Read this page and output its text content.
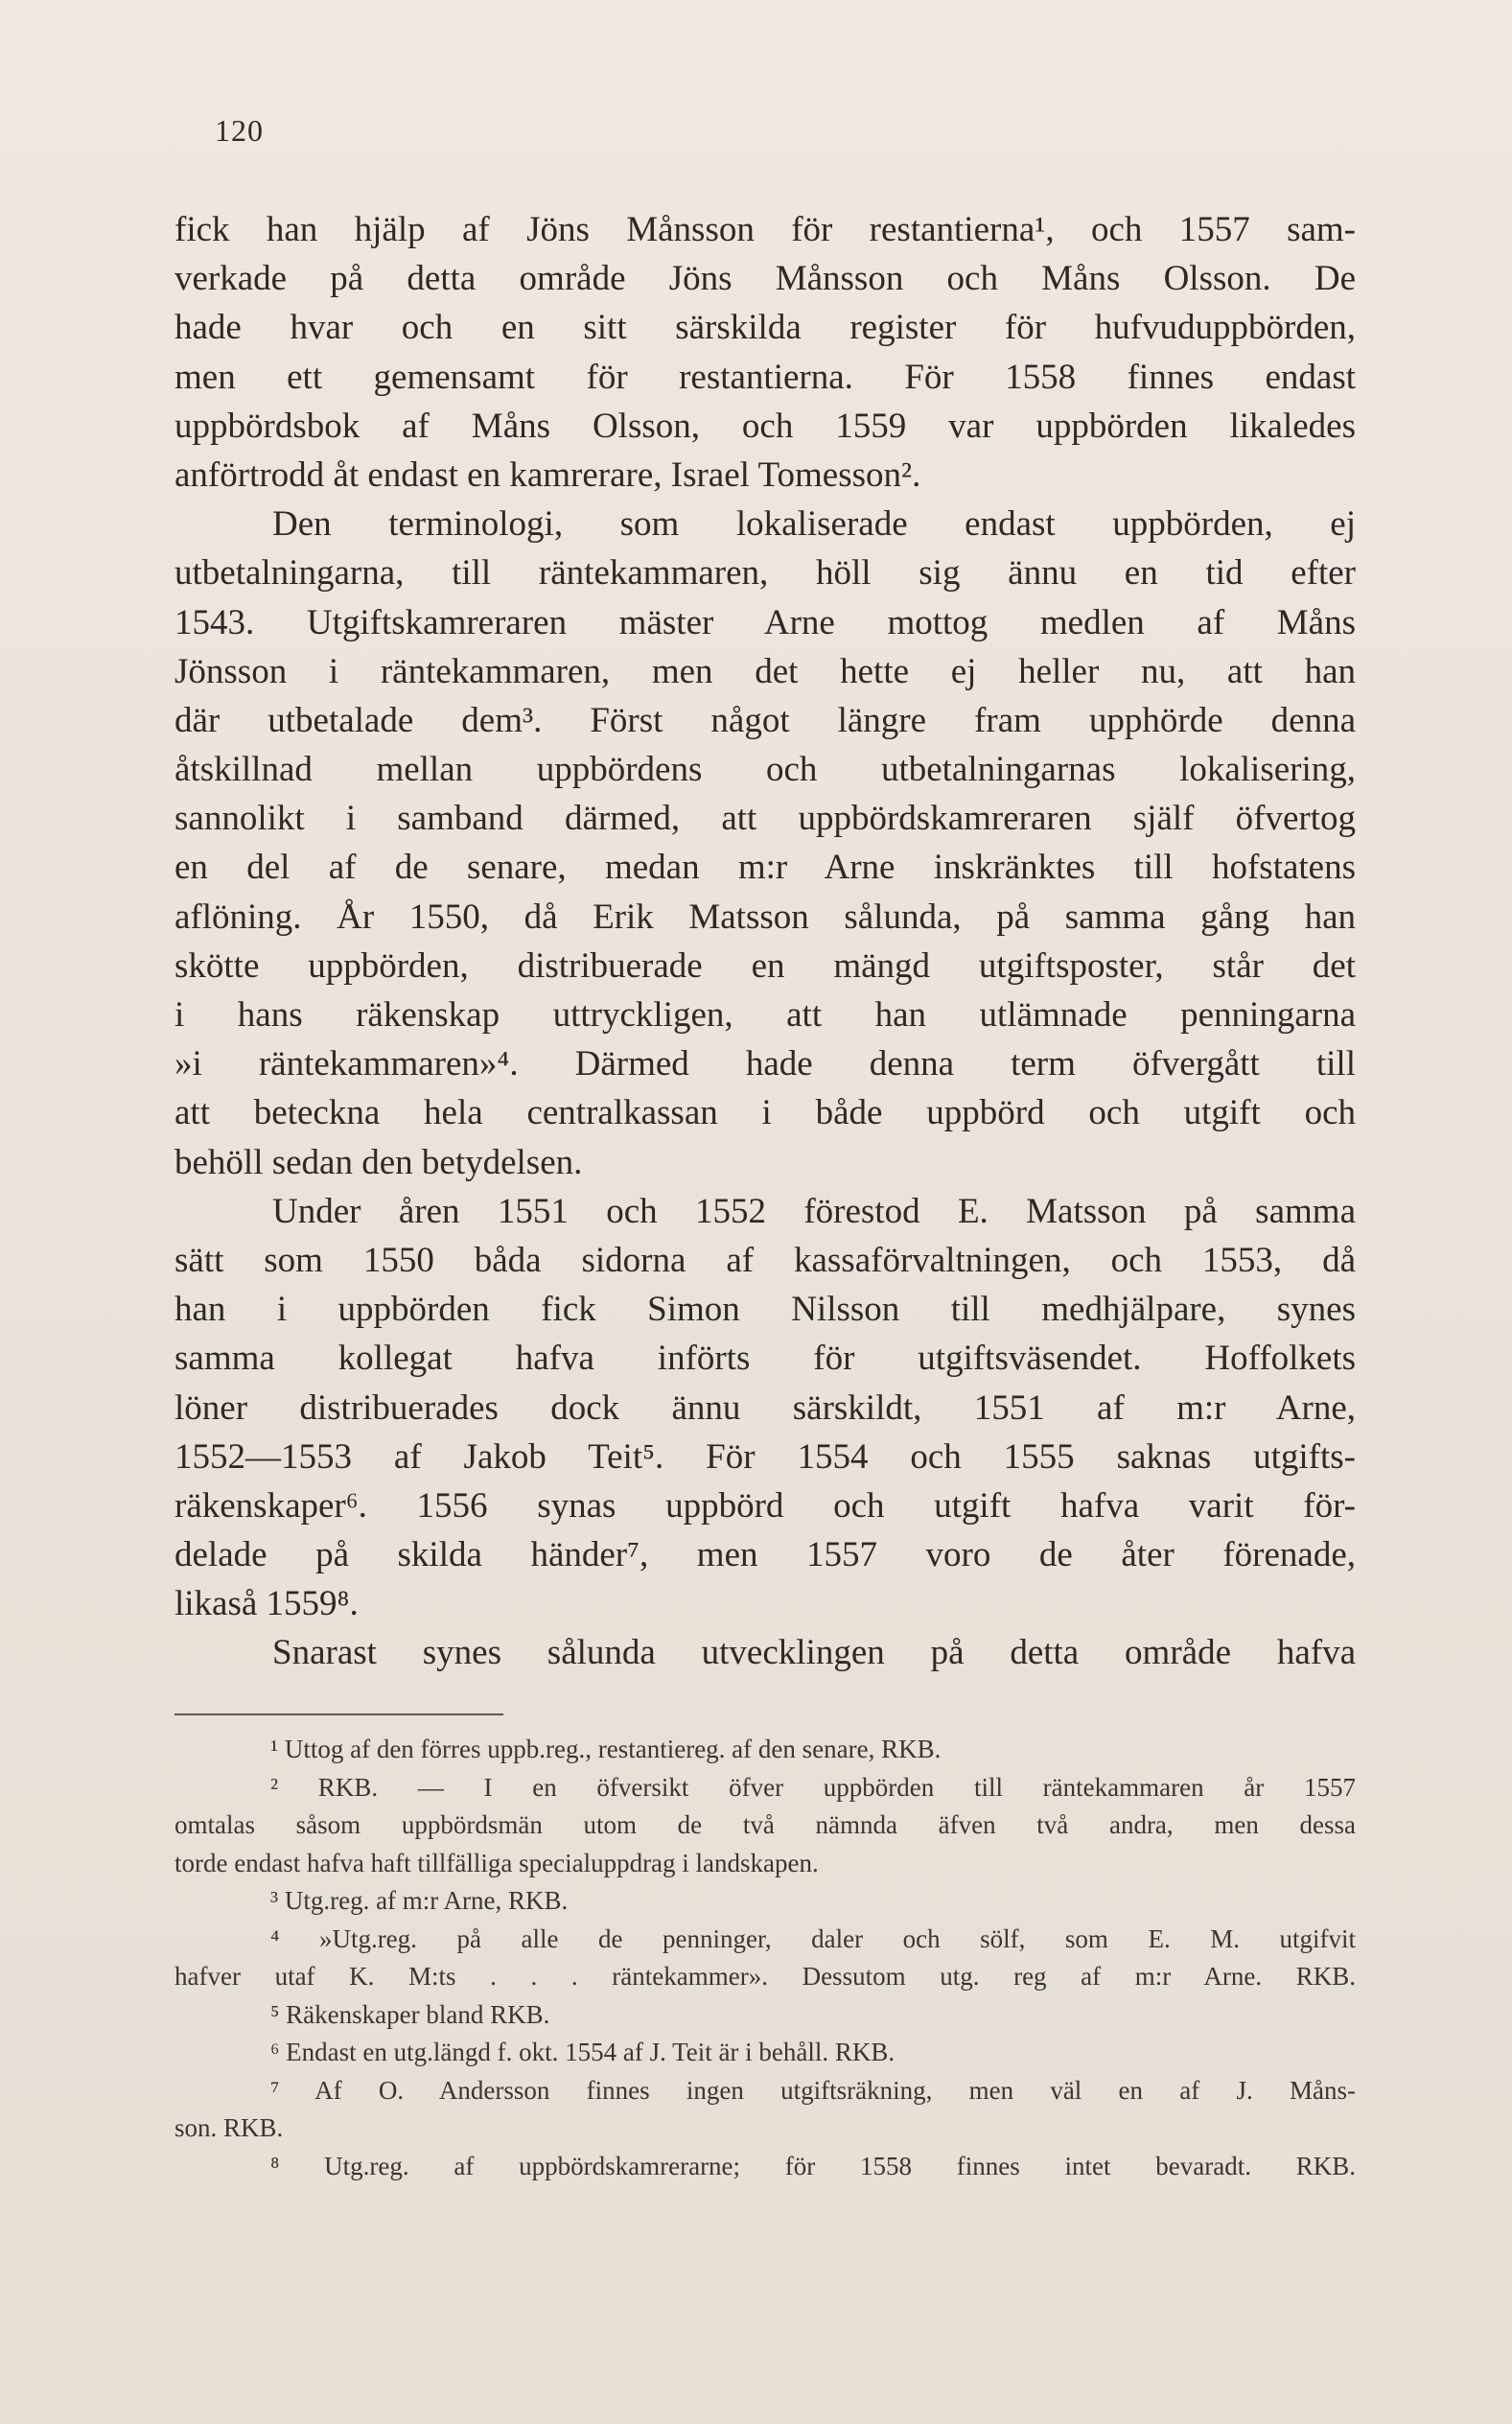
120
fick han hjälp af Jöns Månsson för restantierna¹, och 1557 sam-
verkade på detta område Jöns Månsson och Måns Olsson. De
hade hvar och en sitt särskilda register för hufvuduppbörden,
men ett gemensamt för restantierna. För 1558 finnes endast
uppbördsbok af Måns Olsson, och 1559 var uppbörden likaledes
anförtrodd åt endast en kamrerare, Israel Tomesson².
Den terminologi, som lokaliserade endast uppbörden, ej
utbetalningarna, till räntekammaren, höll sig ännu en tid efter
1543. Utgiftskamreraren mäster Arne mottog medlen af Måns
Jönsson i räntekammaren, men det hette ej heller nu, att han
där utbetalade dem³. Först något längre fram upphörde denna
åtskillnad mellan uppbördens och utbetalningarnas lokalisering,
sannolikt i samband därmed, att uppbördskamreraren själf öfvertog
en del af de senare, medan m:r Arne inskränktes till hofstatens
aflöning. År 1550, då Erik Matsson sålunda, på samma gång han
skötte uppbörden, distribuerade en mängd utgiftsposter, står det
i hans räkenskap uttryckligen, att han utlämnade penningarna
»i räntekammaren»⁴. Därmed hade denna term öfvergått till
att beteckna hela centralkassan i både uppbörd och utgift och
behöll sedan den betydelsen.
Under åren 1551 och 1552 förestod E. Matsson på samma
sätt som 1550 båda sidorna af kassaförvaltningen, och 1553, då
han i uppbörden fick Simon Nilsson till medhjälpare, synes
samma kollegat hafva införts för utgiftsväsendet. Hoffolkets
löner distribuerades dock ännu särskildt, 1551 af m:r Arne,
1552—1553 af Jakob Teit⁵. För 1554 och 1555 saknas utgifts-
räkenskaper⁶. 1556 synas uppbörd och utgift hafva varit för-
delade på skilda händer⁷, men 1557 voro de åter förenade,
likaså 1559⁸.
Snarast synes sålunda utvecklingen på detta område hafva
¹ Uttog af den förres uppb.reg., restantiereg. af den senare, RKB.
² RKB. — I en öfversikt öfver uppbörden till räntekammaren år 1557
omtalas såsom uppbördsmän utom de två nämnda äfven två andra, men dessa
torde endast hafva haft tillfälliga specialuppdrag i landskapen.
³ Utg.reg. af m:r Arne, RKB.
⁴ »Utg.reg. på alle de penninger, daler och sölf, som E. M. utgifvit
hafver utaf K. M:ts . . . räntekammer». Dessutom utg. reg af m:r Arne. RKB.
⁵ Räkenskaper bland RKB.
⁶ Endast en utg.längd f. okt. 1554 af J. Teit är i behåll. RKB.
⁷ Af O. Andersson finnes ingen utgiftsräkning, men väl en af J. Måns-
son. RKB.
⁸ Utg.reg. af uppbördskamrerarne; för 1558 finnes intet bevaradt. RKB.
